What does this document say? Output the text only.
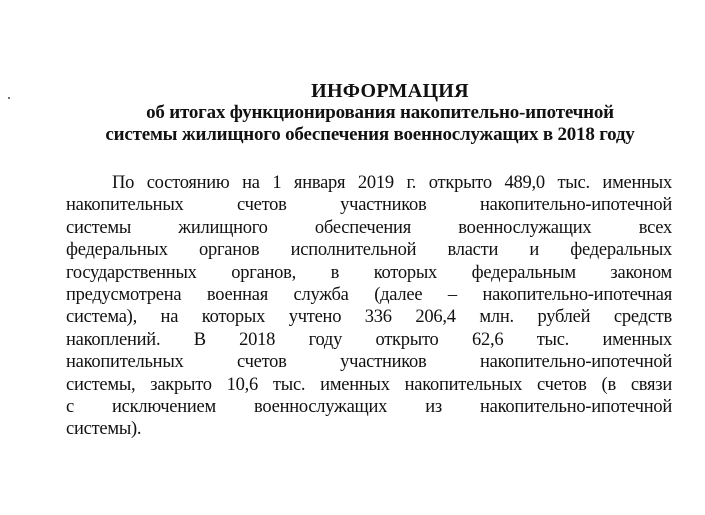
ИНФОРМАЦИЯ
об итогах функционирования накопительно-ипотечной
системы жилищного обеспечения военнослужащих в 2018 году
По состоянию на 1 января 2019 г. открыто 489,0 тыс. именных
накопительных счетов участников накопительно-ипотечной
системы жилищного обеспечения военнослужащих всех
федеральных органов исполнительной власти и федеральных
государственных органов, в которых федеральным законом
предусмотрена военная служба (далее – накопительно-ипотечная
система), на которых учтено 336 206,4 млн. рублей средств
накоплений. В 2018 году открыто 62,6 тыс. именных
накопительных счетов участников накопительно-ипотечной
системы, закрыто 10,6 тыс. именных накопительных счетов (в связи
с исключением военнослужащих из накопительно-ипотечной
системы).
